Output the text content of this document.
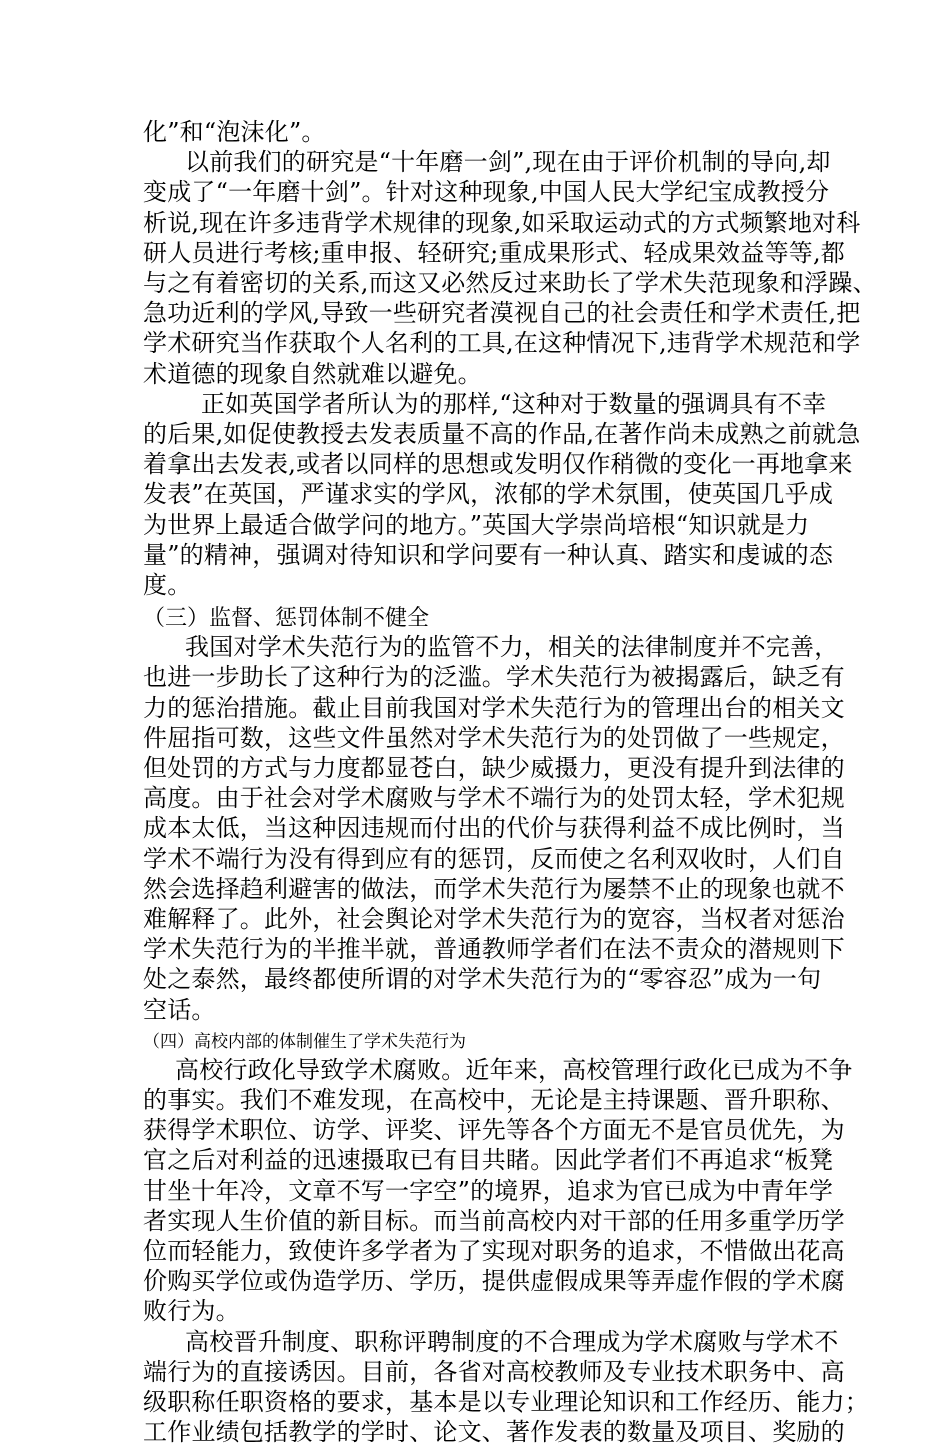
化”和“泡沫化”。
以前我们的研究是“十年磨一剑”,现在由于评价机制的导向,却
变成了“一年磨十剑”。针对这种现象,中国人民大学纪宝成教授分
析说,现在许多违背学术规律的现象,如采取运动式的方式频繁地对科
研人员进行考核;重申报、轻研究;重成果形式、轻成果效益等等,都
与之有着密切的关系,而这又必然反过来助长了学术失范现象和浮躁、
急功近利的学风,导致一些研究者漠视自己的社会责任和学术责任,把
学术研究当作获取个人名利的工具,在这种情况下,违背学术规范和学
术道德的现象自然就难以避免。
正如英国学者所认为的那样,“这种对于数量的强调具有不幸
的后果,如促使教授去发表质量不高的作品,在著作尚未成熟之前就急
着拿出去发表,或者以同样的思想或发明仅作稍微的变化一再地拿来
发表”在英国，严谨求实的学风，浓郁的学术氛围，使英国几乎成
为世界上最适合做学问的地方。”英国大学崇尚培根“知识就是力
量”的精神，强调对待知识和学问要有一种认真、踏实和虔诚的态
度。
（三）监督、惩罚体制不健全
我国对学术失范行为的监管不力，相关的法律制度并不完善，
也进一步助长了这种行为的泛滥。学术失范行为被揭露后，缺乏有
力的惩治措施。截止目前我国对学术失范行为的管理出台的相关文
件屈指可数，这些文件虽然对学术失范行为的处罚做了一些规定，
但处罚的方式与力度都显苍白，缺少威摄力，更没有提升到法律的
高度。由于社会对学术腐败与学术不端行为的处罚太轻，学术犯规
成本太低，当这种因违规而付出的代价与获得利益不成比例时，当
学术不端行为没有得到应有的惩罚，反而使之名利双收时，人们自
然会选择趋利避害的做法，而学术失范行为屡禁不止的现象也就不
难解释了。此外，社会舆论对学术失范行为的宽容，当权者对惩治
学术失范行为的半推半就，普通教师学者们在法不责众的潜规则下
处之泰然，最终都使所谓的对学术失范行为的“零容忍”成为一句
空话。
（四）高校内部的体制催生了学术失范行为
高校行政化导致学术腐败。近年来，高校管理行政化已成为不争
的事实。我们不难发现，在高校中，无论是主持课题、晋升职称、
获得学术职位、访学、评奖、评先等各个方面无不是官员优先，为
官之后对利益的迅速摄取已有目共睹。因此学者们不再追求“板凳
甘坐十年冷，文章不写一字空”的境界，追求为官已成为中青年学
者实现人生价值的新目标。而当前高校内对干部的任用多重学历学
位而轻能力，致使许多学者为了实现对职务的追求，不惜做出花高
价购买学位或伪造学历、学历，提供虚假成果等弄虚作假的学术腐
败行为。
高校晋升制度、职称评聘制度的不合理成为学术腐败与学术不
端行为的直接诱因。目前，各省对高校教师及专业技术职务中、高
级职称任职资格的要求，基本是以专业理论知识和工作经历、能力；
工作业绩包括教学的学时、论文、著作发表的数量及项目、奖励的
